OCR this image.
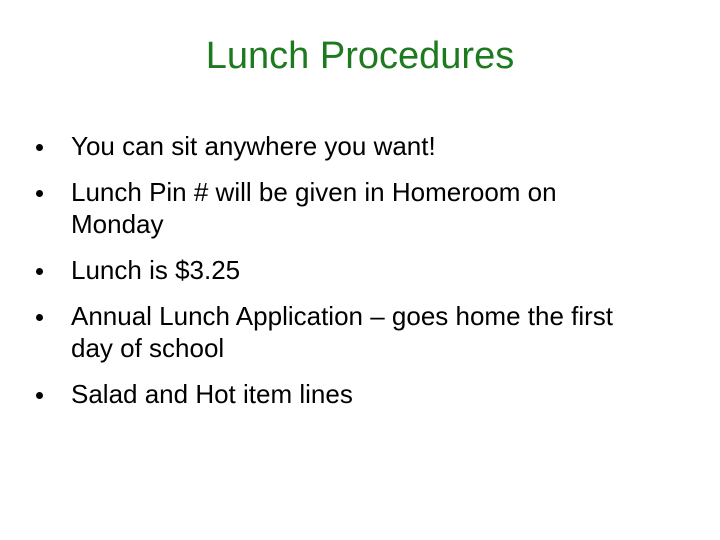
Lunch Procedures
You can sit anywhere you want!
Lunch Pin # will be given in Homeroom on Monday
Lunch is $3.25
Annual Lunch Application – goes home the first day of school
Salad and Hot item lines
